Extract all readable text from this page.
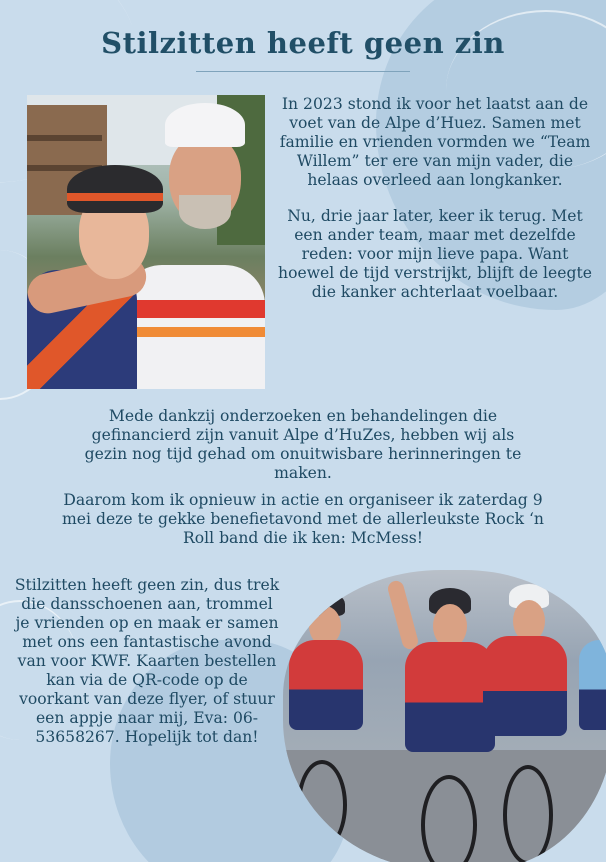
Stilzitten heeft geen zin

In 2023 stond ik voor het laatst aan de voet van de Alpe d’Huez. Samen met familie en vrienden vormden we “Team Willem” ter ere van mijn vader, die helaas overleed aan longkanker.

Nu, drie jaar later, keer ik terug. Met een ander team, maar met dezelfde reden: voor mijn lieve papa. Want hoewel de tijd verstrijkt, blijft de leegte die kanker achterlaat voelbaar.

Mede dankzij onderzoeken en behandelingen die gefinancierd zijn vanuit Alpe d’HuZes, hebben wij als gezin nog tijd gehad om onuitwisbare herinneringen te maken.

Daarom kom ik opnieuw in actie en organiseer ik zaterdag 9 mei deze te gekke benefietavond met de allerleukste Rock ‘n Roll band die ik ken: McMess!

Stilzitten heeft geen zin, dus trek die dansschoenen aan, trommel je vrienden op en maak er samen met ons een fantastische avond van voor KWF. Kaarten bestellen kan via de QR-code op de voorkant van deze flyer, of stuur een appje naar mij, Eva: 06-53658267. Hopelijk tot dan!
